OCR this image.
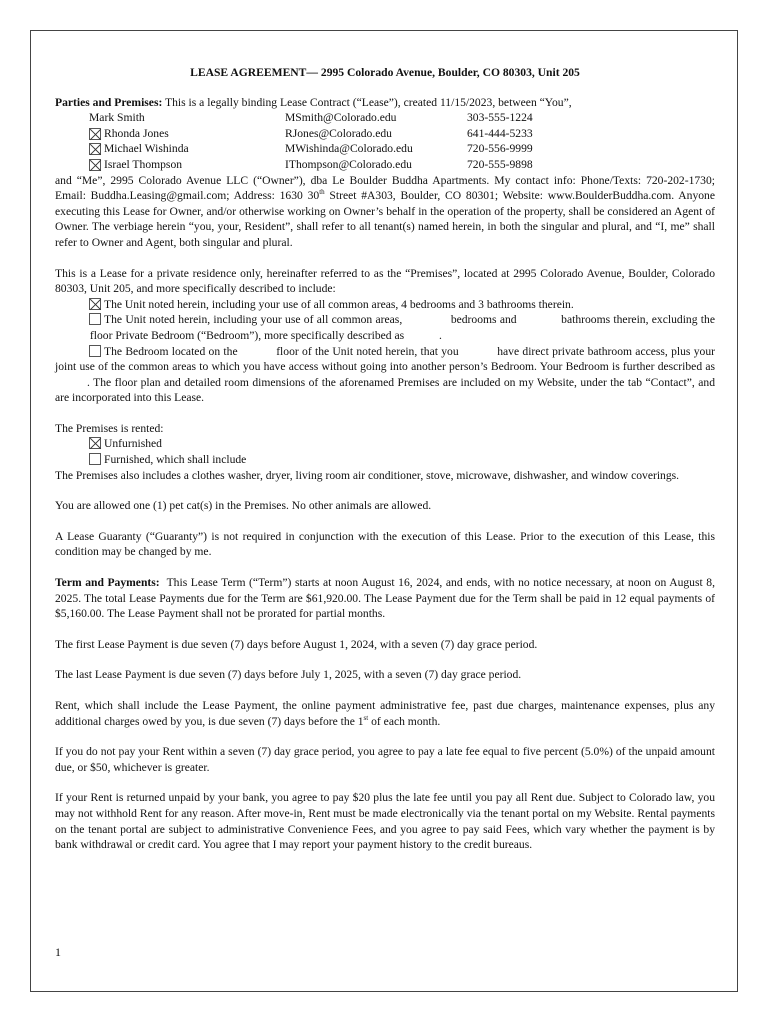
LEASE AGREEMENT— 2995 Colorado Avenue, Boulder, CO 80303, Unit 205
Parties and Premises: This is a legally binding Lease Contract (“Lease”), created 11/15/2023, between “You”,
Mark Smith	MSmith@Colorado.edu	303-555-1224
Rhonda Jones	RJones@Colorado.edu	641-444-5233
Michael Wishinda	MWishinda@Colorado.edu	720-556-9999
Israel Thompson	IThompson@Colorado.edu	720-555-9898

and “Me”, 2995 Colorado Avenue LLC (“Owner”), dba Le Boulder Buddha Apartments. My contact info: Phone/Texts: 720-202-1730; Email: Buddha.Leasing@gmail.com; Address: 1630 30th Street #A303, Boulder, CO 80301; Website: www.BoulderBuddha.com. Anyone executing this Lease for Owner, and/or otherwise working on Owner’s behalf in the operation of the property, shall be considered an Agent of Owner. The verbiage herein “you, your, Resident”, shall refer to all tenant(s) named herein, in both the singular and plural, and “I, me” shall refer to Owner and Agent, both singular and plural.

This is a Lease for a private residence only, hereinafter referred to as the “Premises”, located at 2995 Colorado Avenue, Boulder, Colorado 80303, Unit 205, and more specifically described to include:
The Unit noted herein, including your use of all common areas, 4 bedrooms and 3 bathrooms therein.
The Unit noted herein, including your use of all common areas,	bedrooms and	bathrooms therein, excluding the  floor Private Bedroom (“Bedroom”), more specifically described as	.

The Bedroom located on the	floor of the Unit noted herein, that you	have direct private bathroom access, plus your joint use of the common areas to which you have access without going into another person’s Bedroom. Your Bedroom is further described as . The floor plan and detailed room dimensions of the aforenamed Premises are included on my Website, under the tab “Contact”, and are incorporated into this Lease.

The Premises is rented:
Unfurnished
Furnished, which shall include

The Premises also includes a clothes washer, dryer, living room air conditioner, stove, microwave, dishwasher, and window coverings.

You are allowed one (1) pet cat(s) in the Premises. No other animals are allowed.

A Lease Guaranty (“Guaranty”) is not required in conjunction with the execution of this Lease. Prior to the execution of this Lease, this condition may be changed by me.

Term and Payments: This Lease Term (“Term”) starts at noon August 16, 2024, and ends, with no notice necessary, at noon on August 8, 2025. The total Lease Payments due for the Term are $61,920.00. The Lease Payment due for the Term shall be paid in 12 equal payments of $5,160.00. The Lease Payment shall not be prorated for partial months.

The first Lease Payment is due seven (7) days before August 1, 2024, with a seven (7) day grace period.

The last Lease Payment is due seven (7) days before July 1, 2025, with a seven (7) day grace period.

Rent, which shall include the Lease Payment, the online payment administrative fee, past due charges, maintenance expenses, plus any additional charges owed by you, is due seven (7) days before the 1st of each month.

If you do not pay your Rent within a seven (7) day grace period, you agree to pay a late fee equal to five percent (5.0%) of the unpaid amount due, or $50, whichever is greater.

If your Rent is returned unpaid by your bank, you agree to pay $20 plus the late fee until you pay all Rent due. Subject to Colorado law, you may not withhold Rent for any reason. After move-in, Rent must be made electronically via the tenant portal on my Website. Rental payments on the tenant portal are subject to administrative Convenience Fees, and you agree to pay said Fees, which vary whether the payment is by bank withdrawal or credit card. You agree that I may report your payment history to the credit bureaus.

1
